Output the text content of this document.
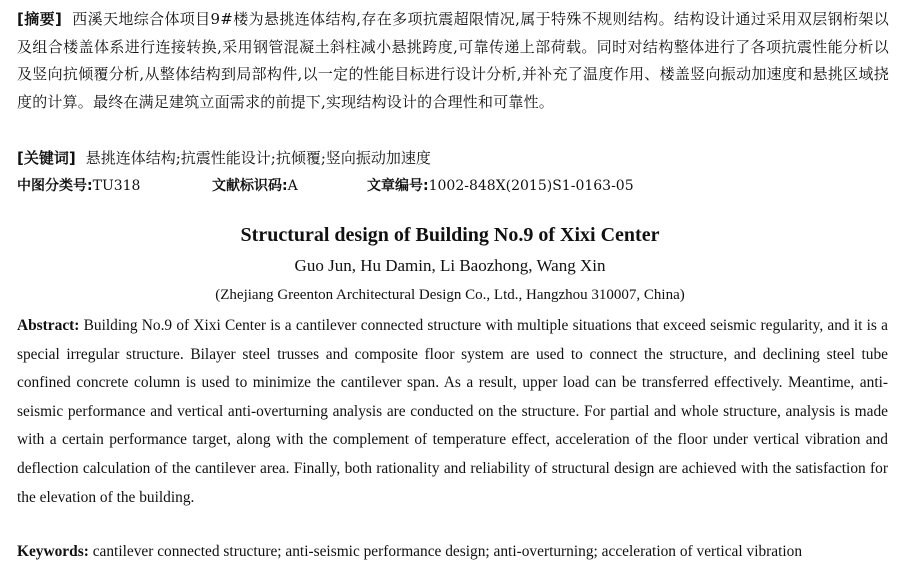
[摘要] 西溪天地综合体项目9#楼为悬挑连体结构,存在多项抗震超限情况,属于特殊不规则结构。结构设计通过采用双层钢桁架以及组合楼盖体系进行连接转换,采用钢管混凝土斜柱减小悬挑跨度,可靠传递上部荷载。同时对结构整体进行了各项抗震性能分析以及竖向抗倾覆分析,从整体结构到局部构件,以一定的性能目标进行设计分析,并补充了温度作用、楼盖竖向振动加速度和悬挑区域挠度的计算。最终在满足建筑立面需求的前提下,实现结构设计的合理性和可靠性。
[关键词] 悬挑连体结构;抗震性能设计;抗倾覆;竖向振动加速度
中图分类号:TU318	文献标识码:A	文章编号:1002-848X(2015)S1-0163-05
Structural design of Building No.9 of Xixi Center
Guo Jun, Hu Damin, Li Baozhong, Wang Xin
(Zhejiang Greenton Architectural Design Co., Ltd., Hangzhou 310007, China)
Abstract: Building No.9 of Xixi Center is a cantilever connected structure with multiple situations that exceed seismic regularity, and it is a special irregular structure. Bilayer steel trusses and composite floor system are used to connect the structure, and declining steel tube confined concrete column is used to minimize the cantilever span. As a result, upper load can be transferred effectively. Meantime, anti-seismic performance and vertical anti-overturning analysis are conducted on the structure. For partial and whole structure, analysis is made with a certain performance target, along with the complement of temperature effect, acceleration of the floor under vertical vibration and deflection calculation of the cantilever area. Finally, both rationality and reliability of structural design are achieved with the satisfaction for the elevation of the building.
Keywords: cantilever connected structure; anti-seismic performance design; anti-overturning; acceleration of vertical vibration
